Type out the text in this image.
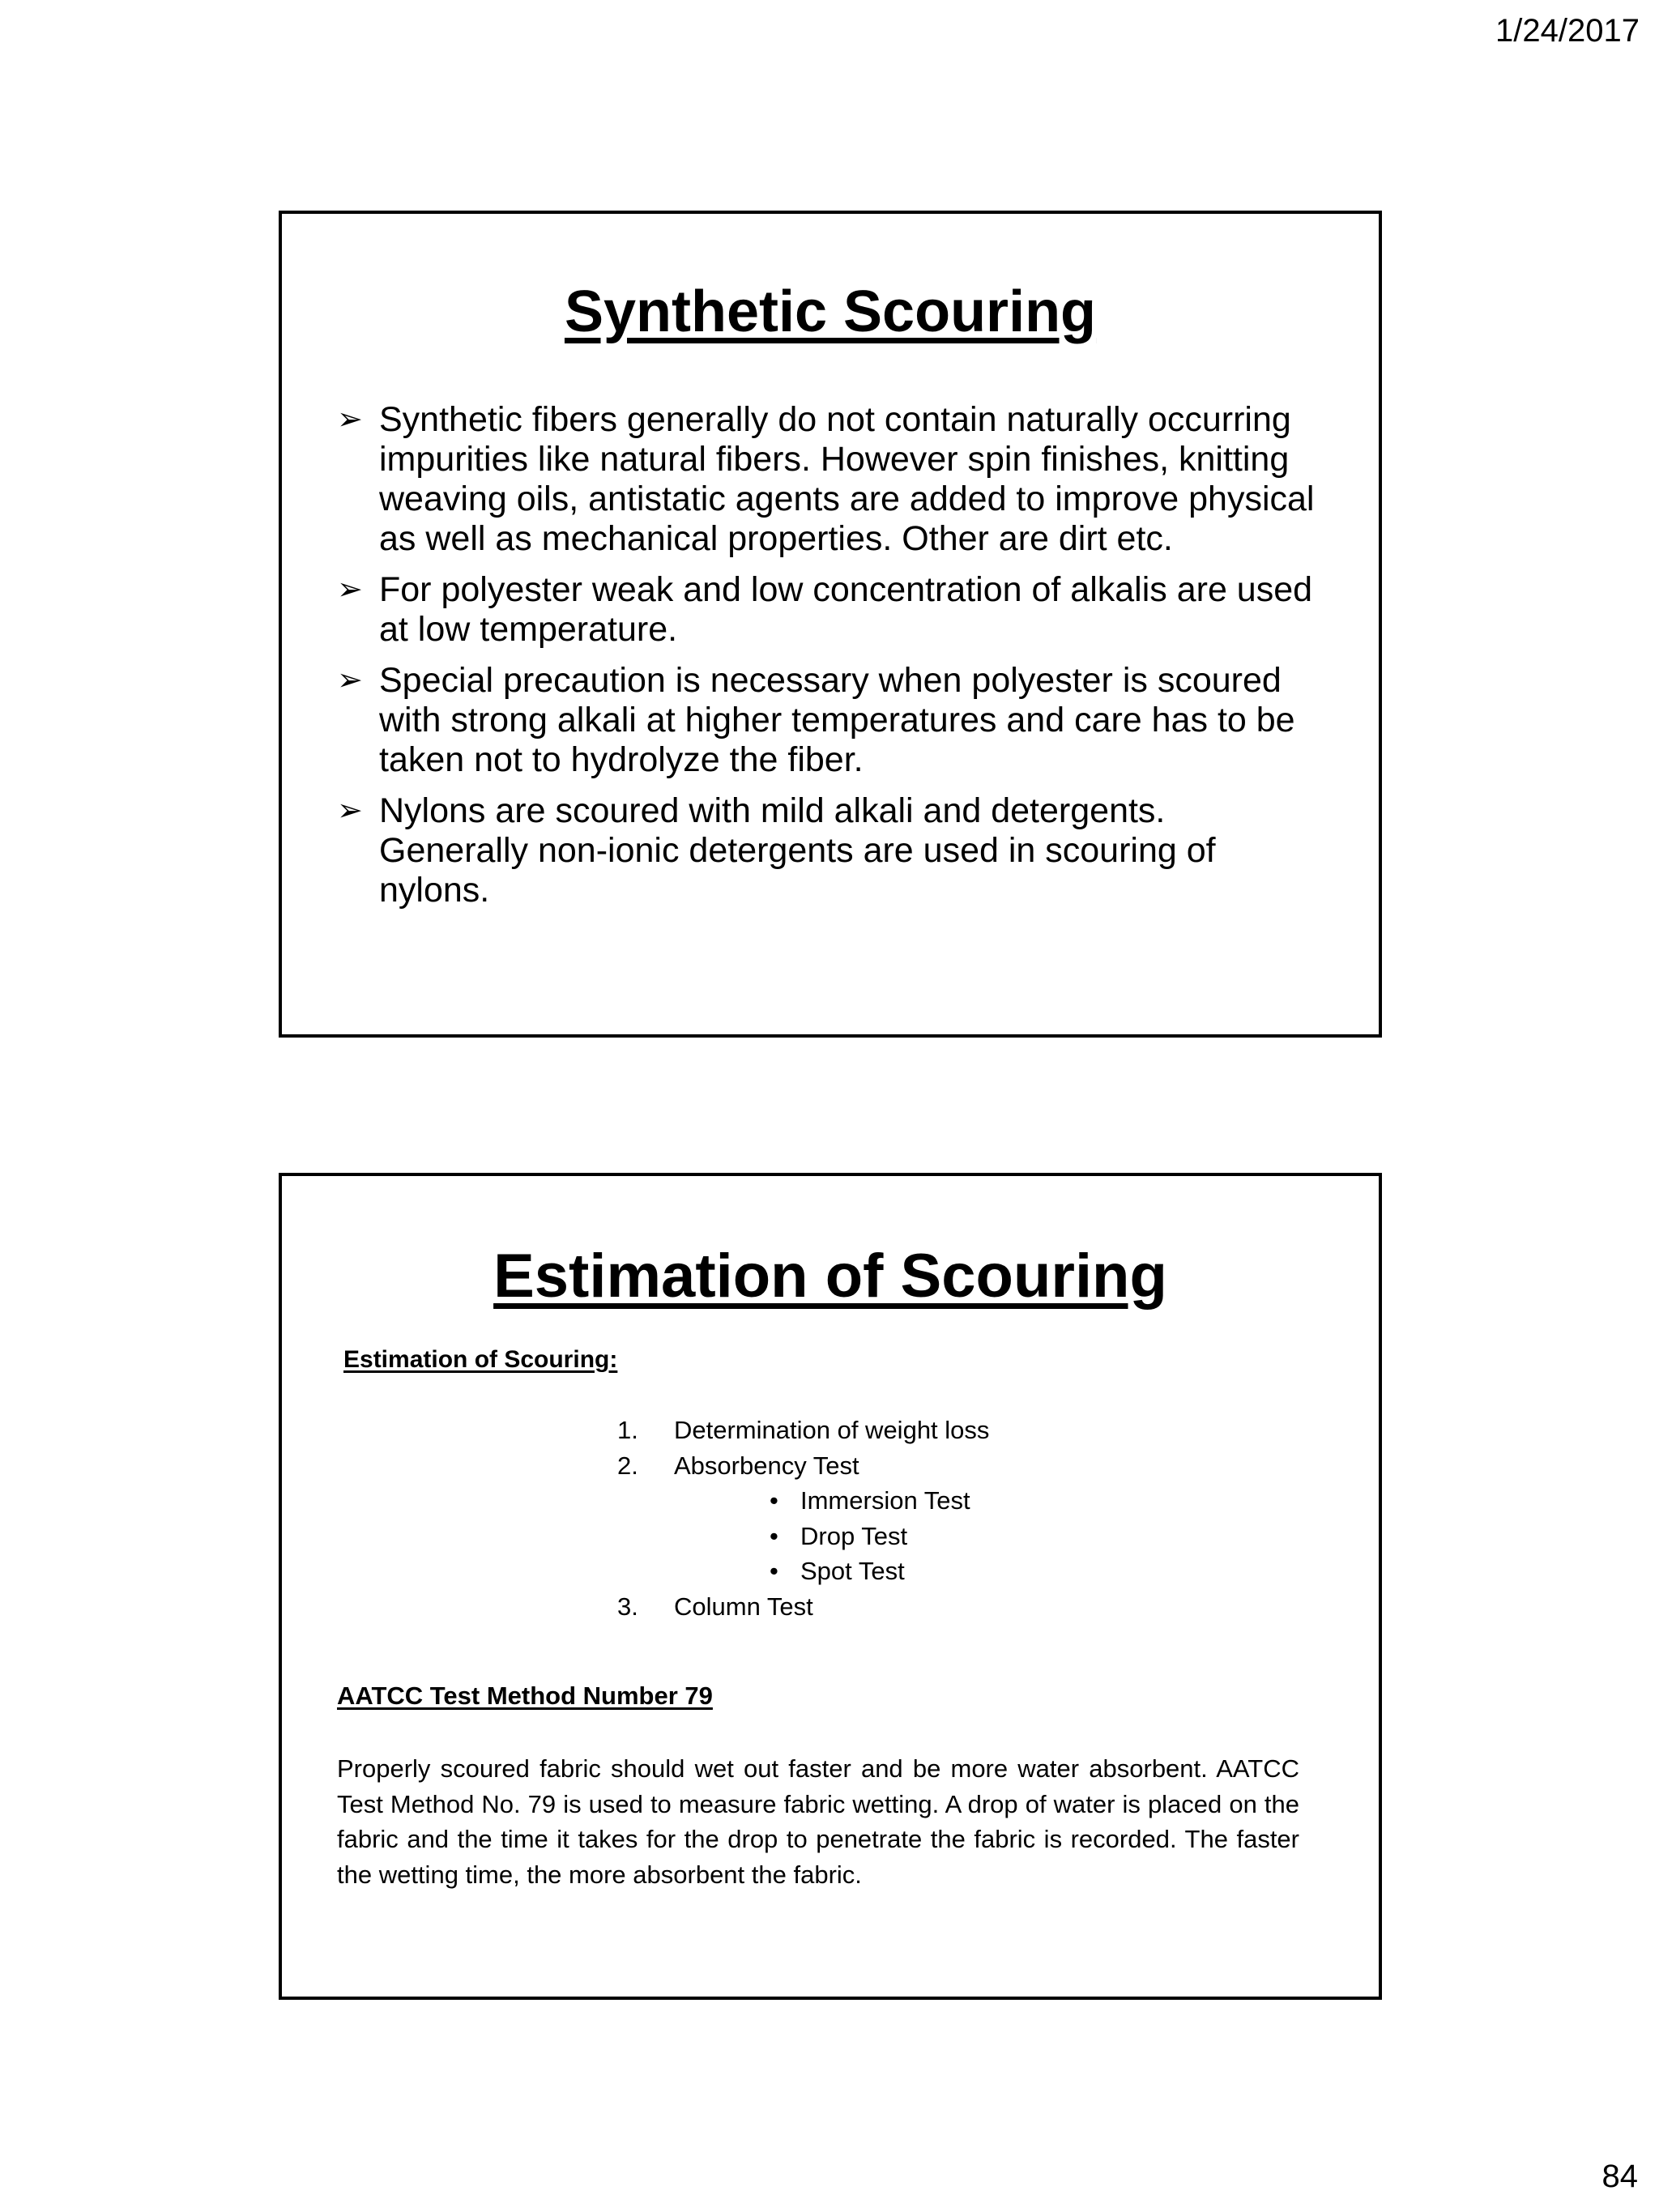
1/24/2017
Synthetic Scouring
➢ Synthetic fibers generally do not contain naturally occurring impurities like natural fibers. However spin finishes, knitting weaving oils, antistatic agents are added to improve physical as well as mechanical properties. Other are dirt etc.
➢ For polyester weak and low concentration of alkalis are used at low temperature.
➢ Special precaution is necessary when polyester is scoured with strong alkali at higher temperatures and care has to be taken not to hydrolyze the fiber.
➢ Nylons are scoured with mild alkali and detergents. Generally non-ionic detergents are used in scouring of nylons.
Estimation of Scouring
Estimation of Scouring:
1. Determination of weight loss
2. Absorbency Test
• Immersion Test
• Drop Test
• Spot Test
3. Column Test
AATCC Test Method Number 79

Properly scoured fabric should wet out faster and be more water absorbent. AATCC Test Method No. 79 is used to measure fabric wetting. A drop of water is placed on the fabric and the time it takes for the drop to penetrate the fabric is recorded. The faster the wetting time, the more absorbent the fabric.

84
